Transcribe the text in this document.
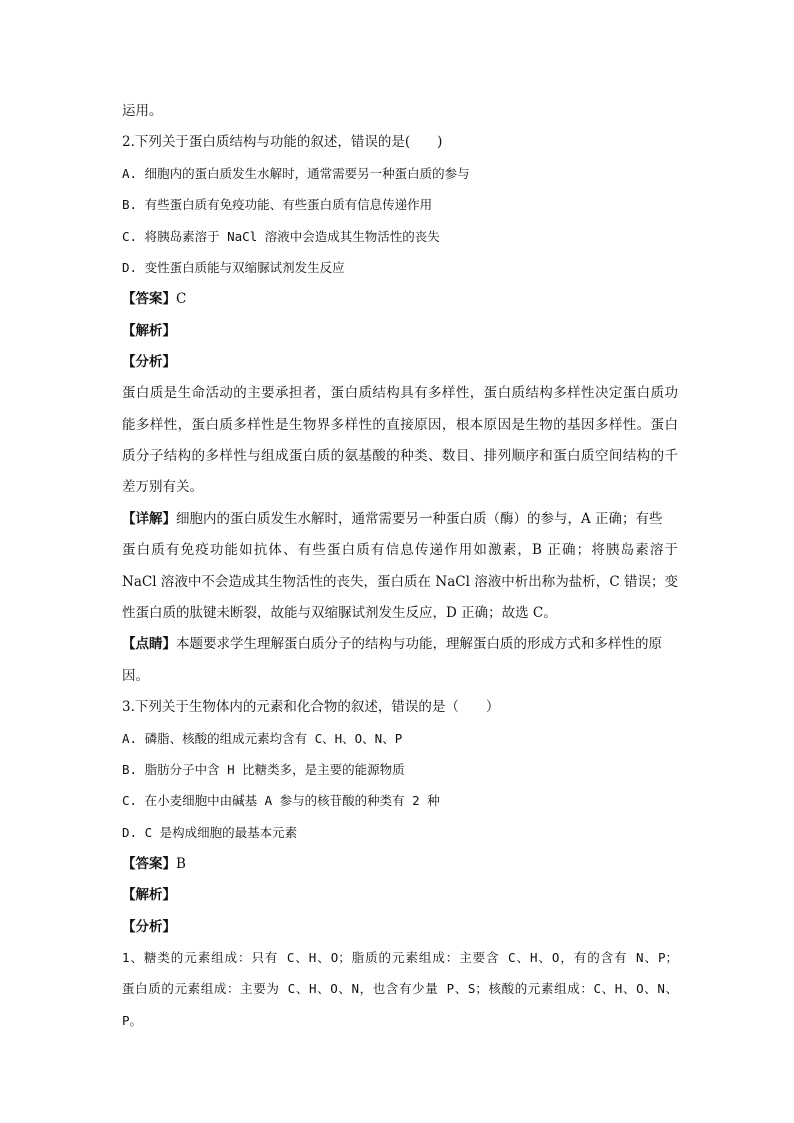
运用。
2.下列关于蛋白质结构与功能的叙述，错误的是(　　)
A. 细胞内的蛋白质发生水解时，通常需要另一种蛋白质的参与
B. 有些蛋白质有免疫功能、有些蛋白质有信息传递作用
C. 将胰岛素溶于 NaCl 溶液中会造成其生物活性的丧失
D. 变性蛋白质能与双缩脲试剂发生反应
【答案】C
【解析】
【分析】
蛋白质是生命活动的主要承担者，蛋白质结构具有多样性，蛋白质结构多样性决定蛋白质功
能多样性，蛋白质多样性是生物界多样性的直接原因，根本原因是生物的基因多样性。蛋白
质分子结构的多样性与组成蛋白质的氨基酸的种类、数目、排列顺序和蛋白质空间结构的千
差万别有关。
【详解】细胞内的蛋白质发生水解时，通常需要另一种蛋白质（酶）的参与，A 正确；有些
蛋白质有免疫功能如抗体、有些蛋白质有信息传递作用如激素，B 正确；将胰岛素溶于
NaCl 溶液中不会造成其生物活性的丧失，蛋白质在 NaCl 溶液中析出称为盐析，C 错误；变
性蛋白质的肽键未断裂，故能与双缩脲试剂发生反应，D 正确；故选 C。
【点睛】本题要求学生理解蛋白质分子的结构与功能，理解蛋白质的形成方式和多样性的原
因。
3.下列关于生物体内的元素和化合物的叙述，错误的是（　　）
A. 磷脂、核酸的组成元素均含有 C、H、O、N、P
B. 脂肪分子中含 H 比糖类多，是主要的能源物质
C. 在小麦细胞中由碱基 A 参与的核苷酸的种类有 2 种
D. C 是构成细胞的最基本元素
【答案】B
【解析】
【分析】
1、糖类的元素组成：只有 C、H、O；脂质的元素组成：主要含 C、H、O，有的含有 N、P；
蛋白质的元素组成：主要为 C、H、O、N，也含有少量 P、S；核酸的元素组成：C、H、O、N、
P。
